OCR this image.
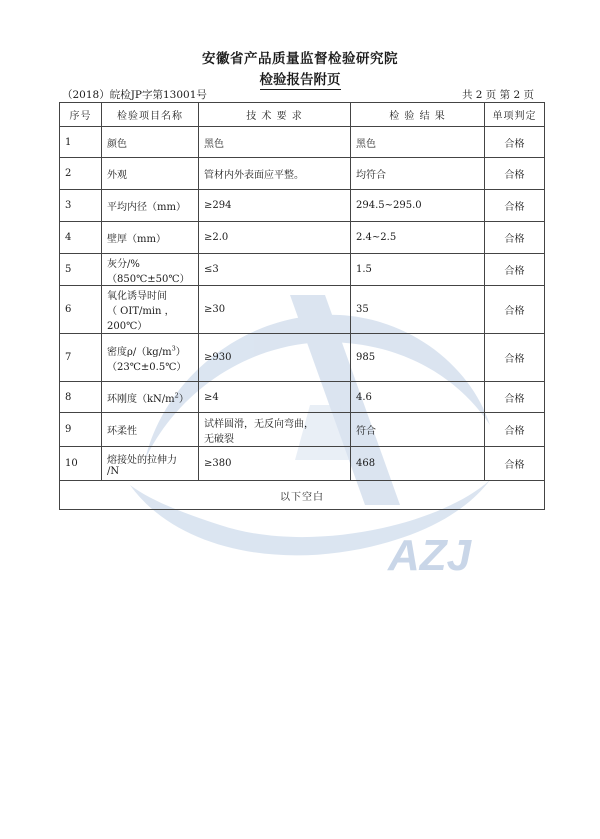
AZJ
安徽省产品质量监督检验研究院
检验报告附页
（2018）皖检JP字第13001号	共 2 页 第 2 页
序号	检验项目名称	技 术 要 求	检 验 结 果	单项判定
1	颜色	黑色	黑色	合格
2	外观	管材内外表面应平整。	均符合	合格
3	平均内径（mm）	≥294	294.5~295.0	合格
4	壁厚（mm）	≥2.0	2.4~2.5	合格
5	灰分/%
（850℃±50℃）	≤3	1.5	合格
6	氧化诱导时间
（ OIT/min ，
200℃）	≥30	35	合格
7	密度$\rho/(kg/m^3)$
（23℃±0.5℃）	≥930	985	合格
8	环刚度$(kN/m^2)$	≥4	4.6	合格
9	环柔性	试样圆滑，无反向弯曲，
无破裂	符合	合格
10	熔接处的拉伸力
/N	≥380	468	合格
以下空白				
